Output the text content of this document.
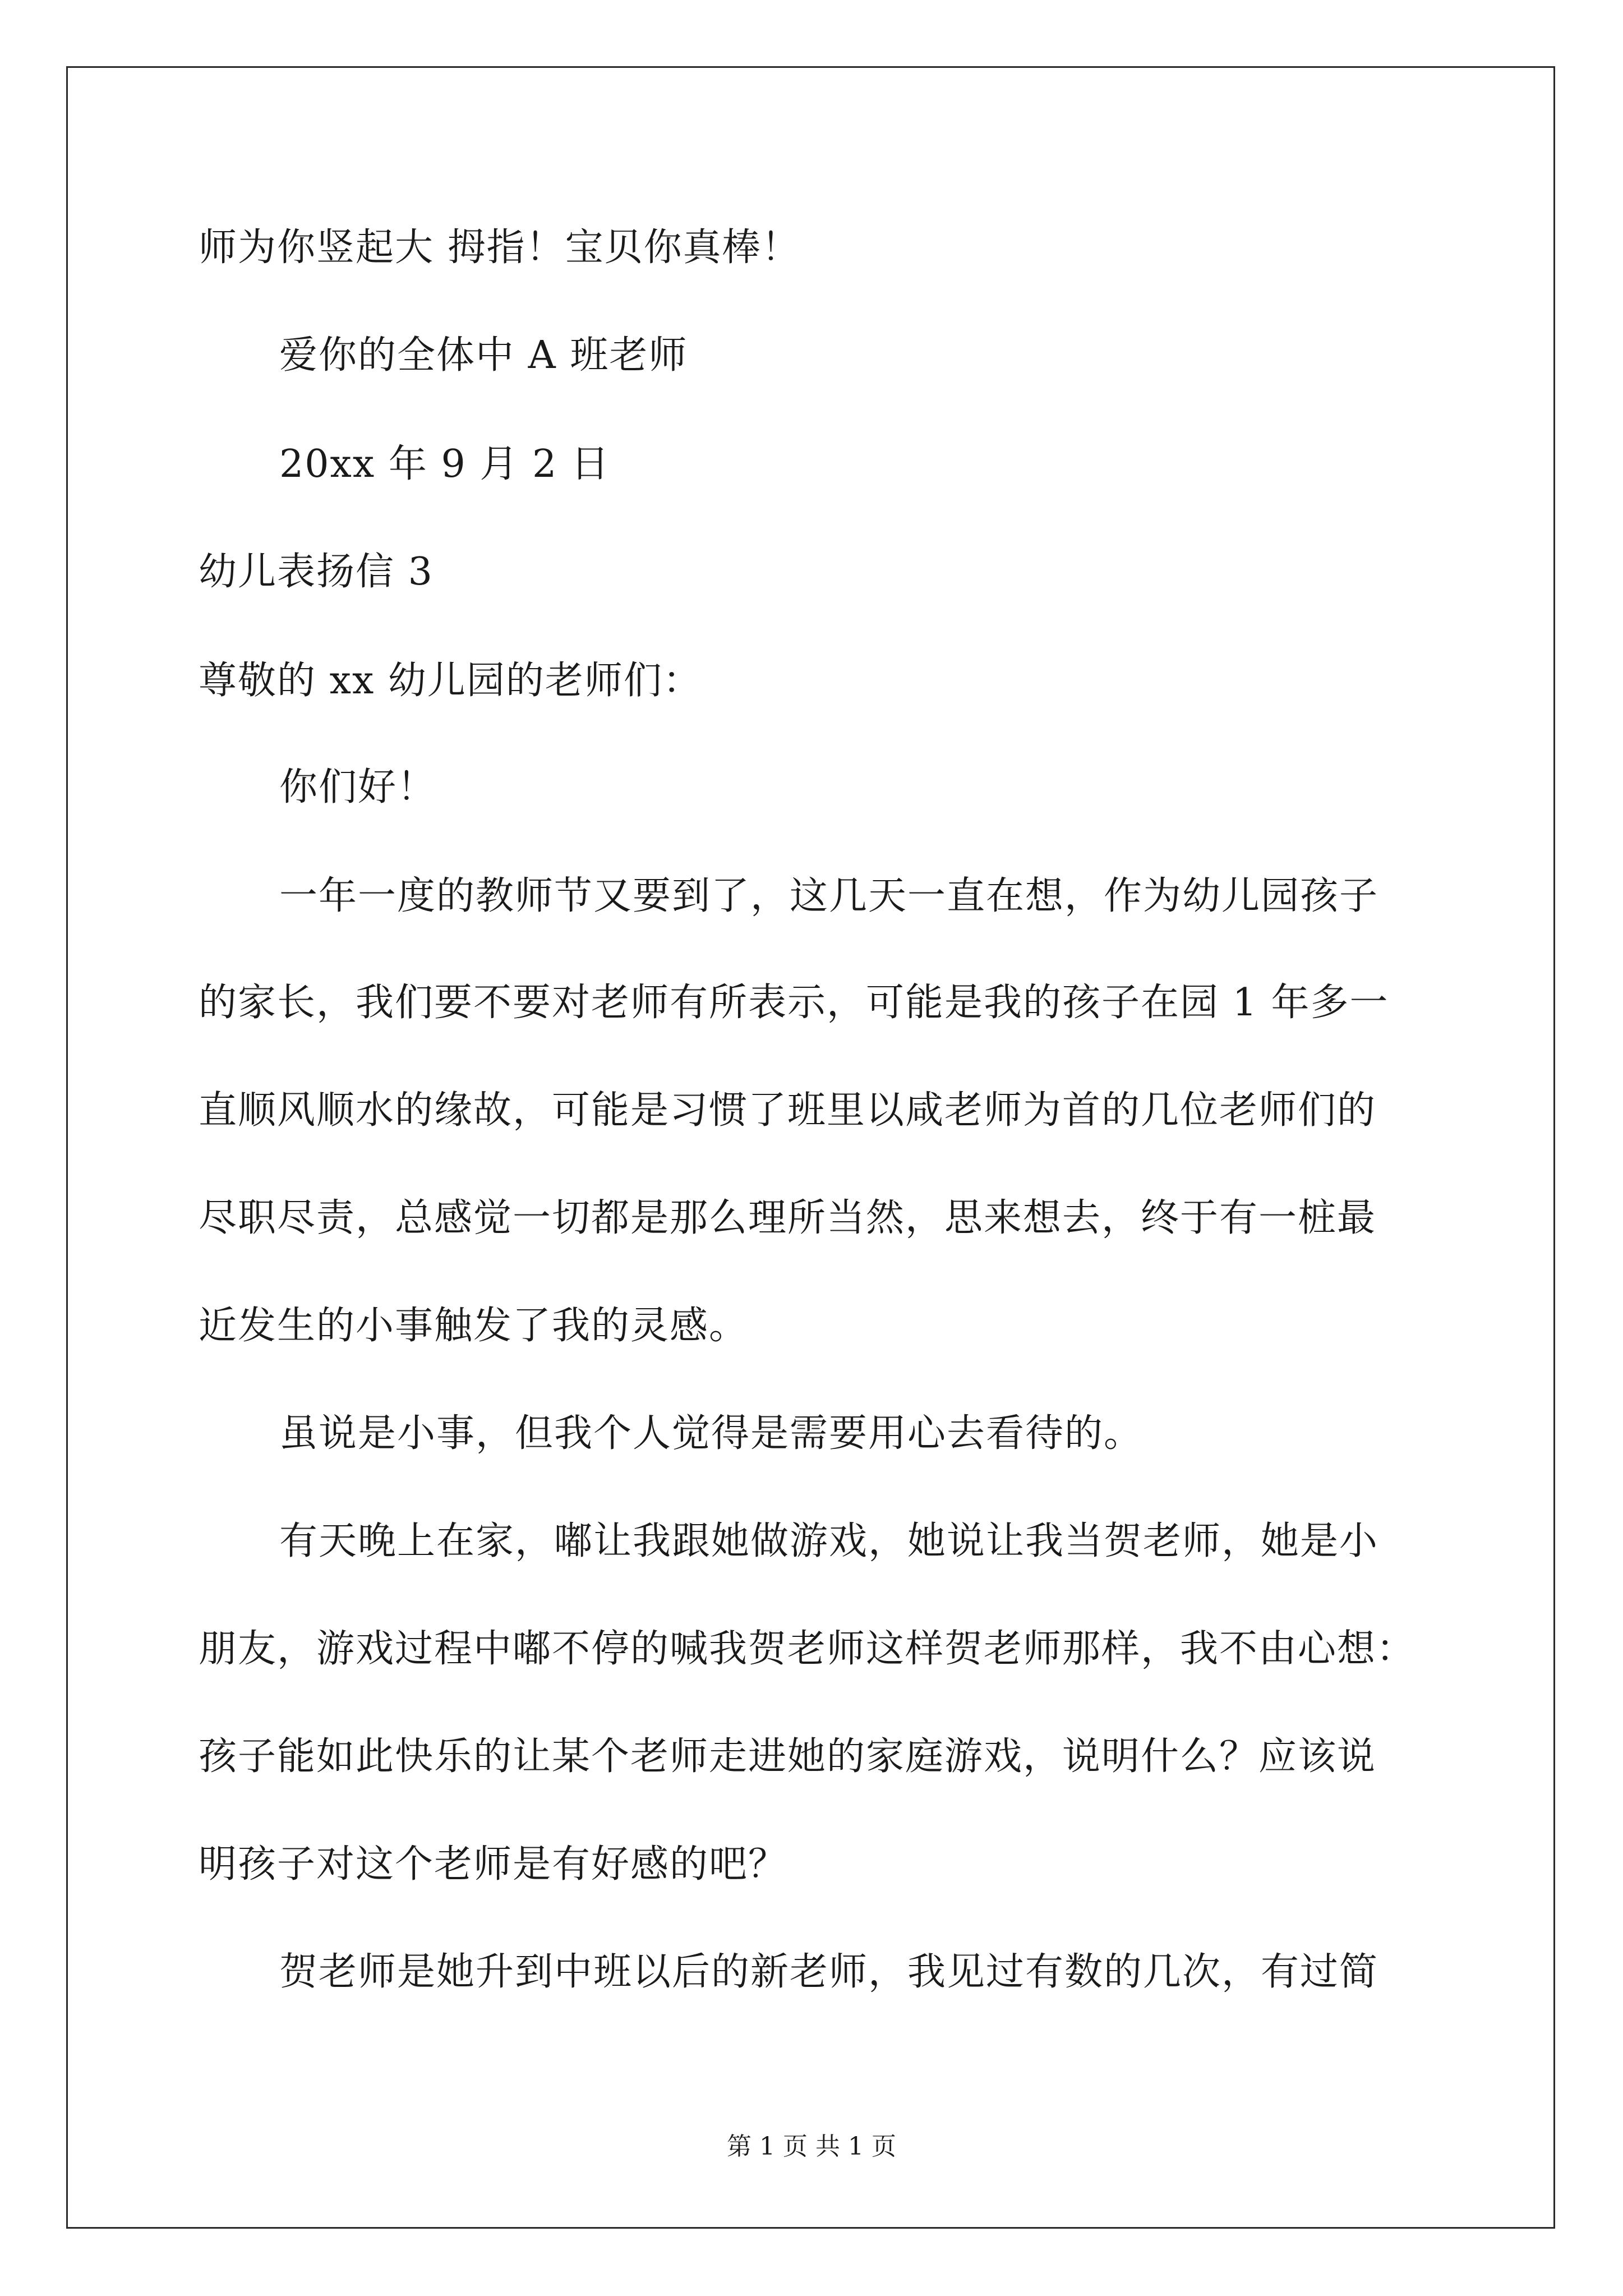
师为你竖起大 拇指！宝贝你真棒！
爱你的全体中 A 班老师
20xx 年 9 月 2 日
幼儿表扬信 3
尊敬的 xx 幼儿园的老师们：
你们好！
一年一度的教师节又要到了，这几天一直在想，作为幼儿园孩子
的家长，我们要不要对老师有所表示，可能是我的孩子在园 1 年多一
直顺风顺水的缘故，可能是习惯了班里以咸老师为首的几位老师们的
尽职尽责，总感觉一切都是那么理所当然，思来想去，终于有一桩最
近发生的小事触发了我的灵感。
虽说是小事，但我个人觉得是需要用心去看待的。
有天晚上在家，嘟让我跟她做游戏，她说让我当贺老师，她是小
朋友，游戏过程中嘟不停的喊我贺老师这样贺老师那样，我不由心想：
孩子能如此快乐的让某个老师走进她的家庭游戏，说明什么？应该说
明孩子对这个老师是有好感的吧？
贺老师是她升到中班以后的新老师，我见过有数的几次，有过简
第 1 页 共 1 页
